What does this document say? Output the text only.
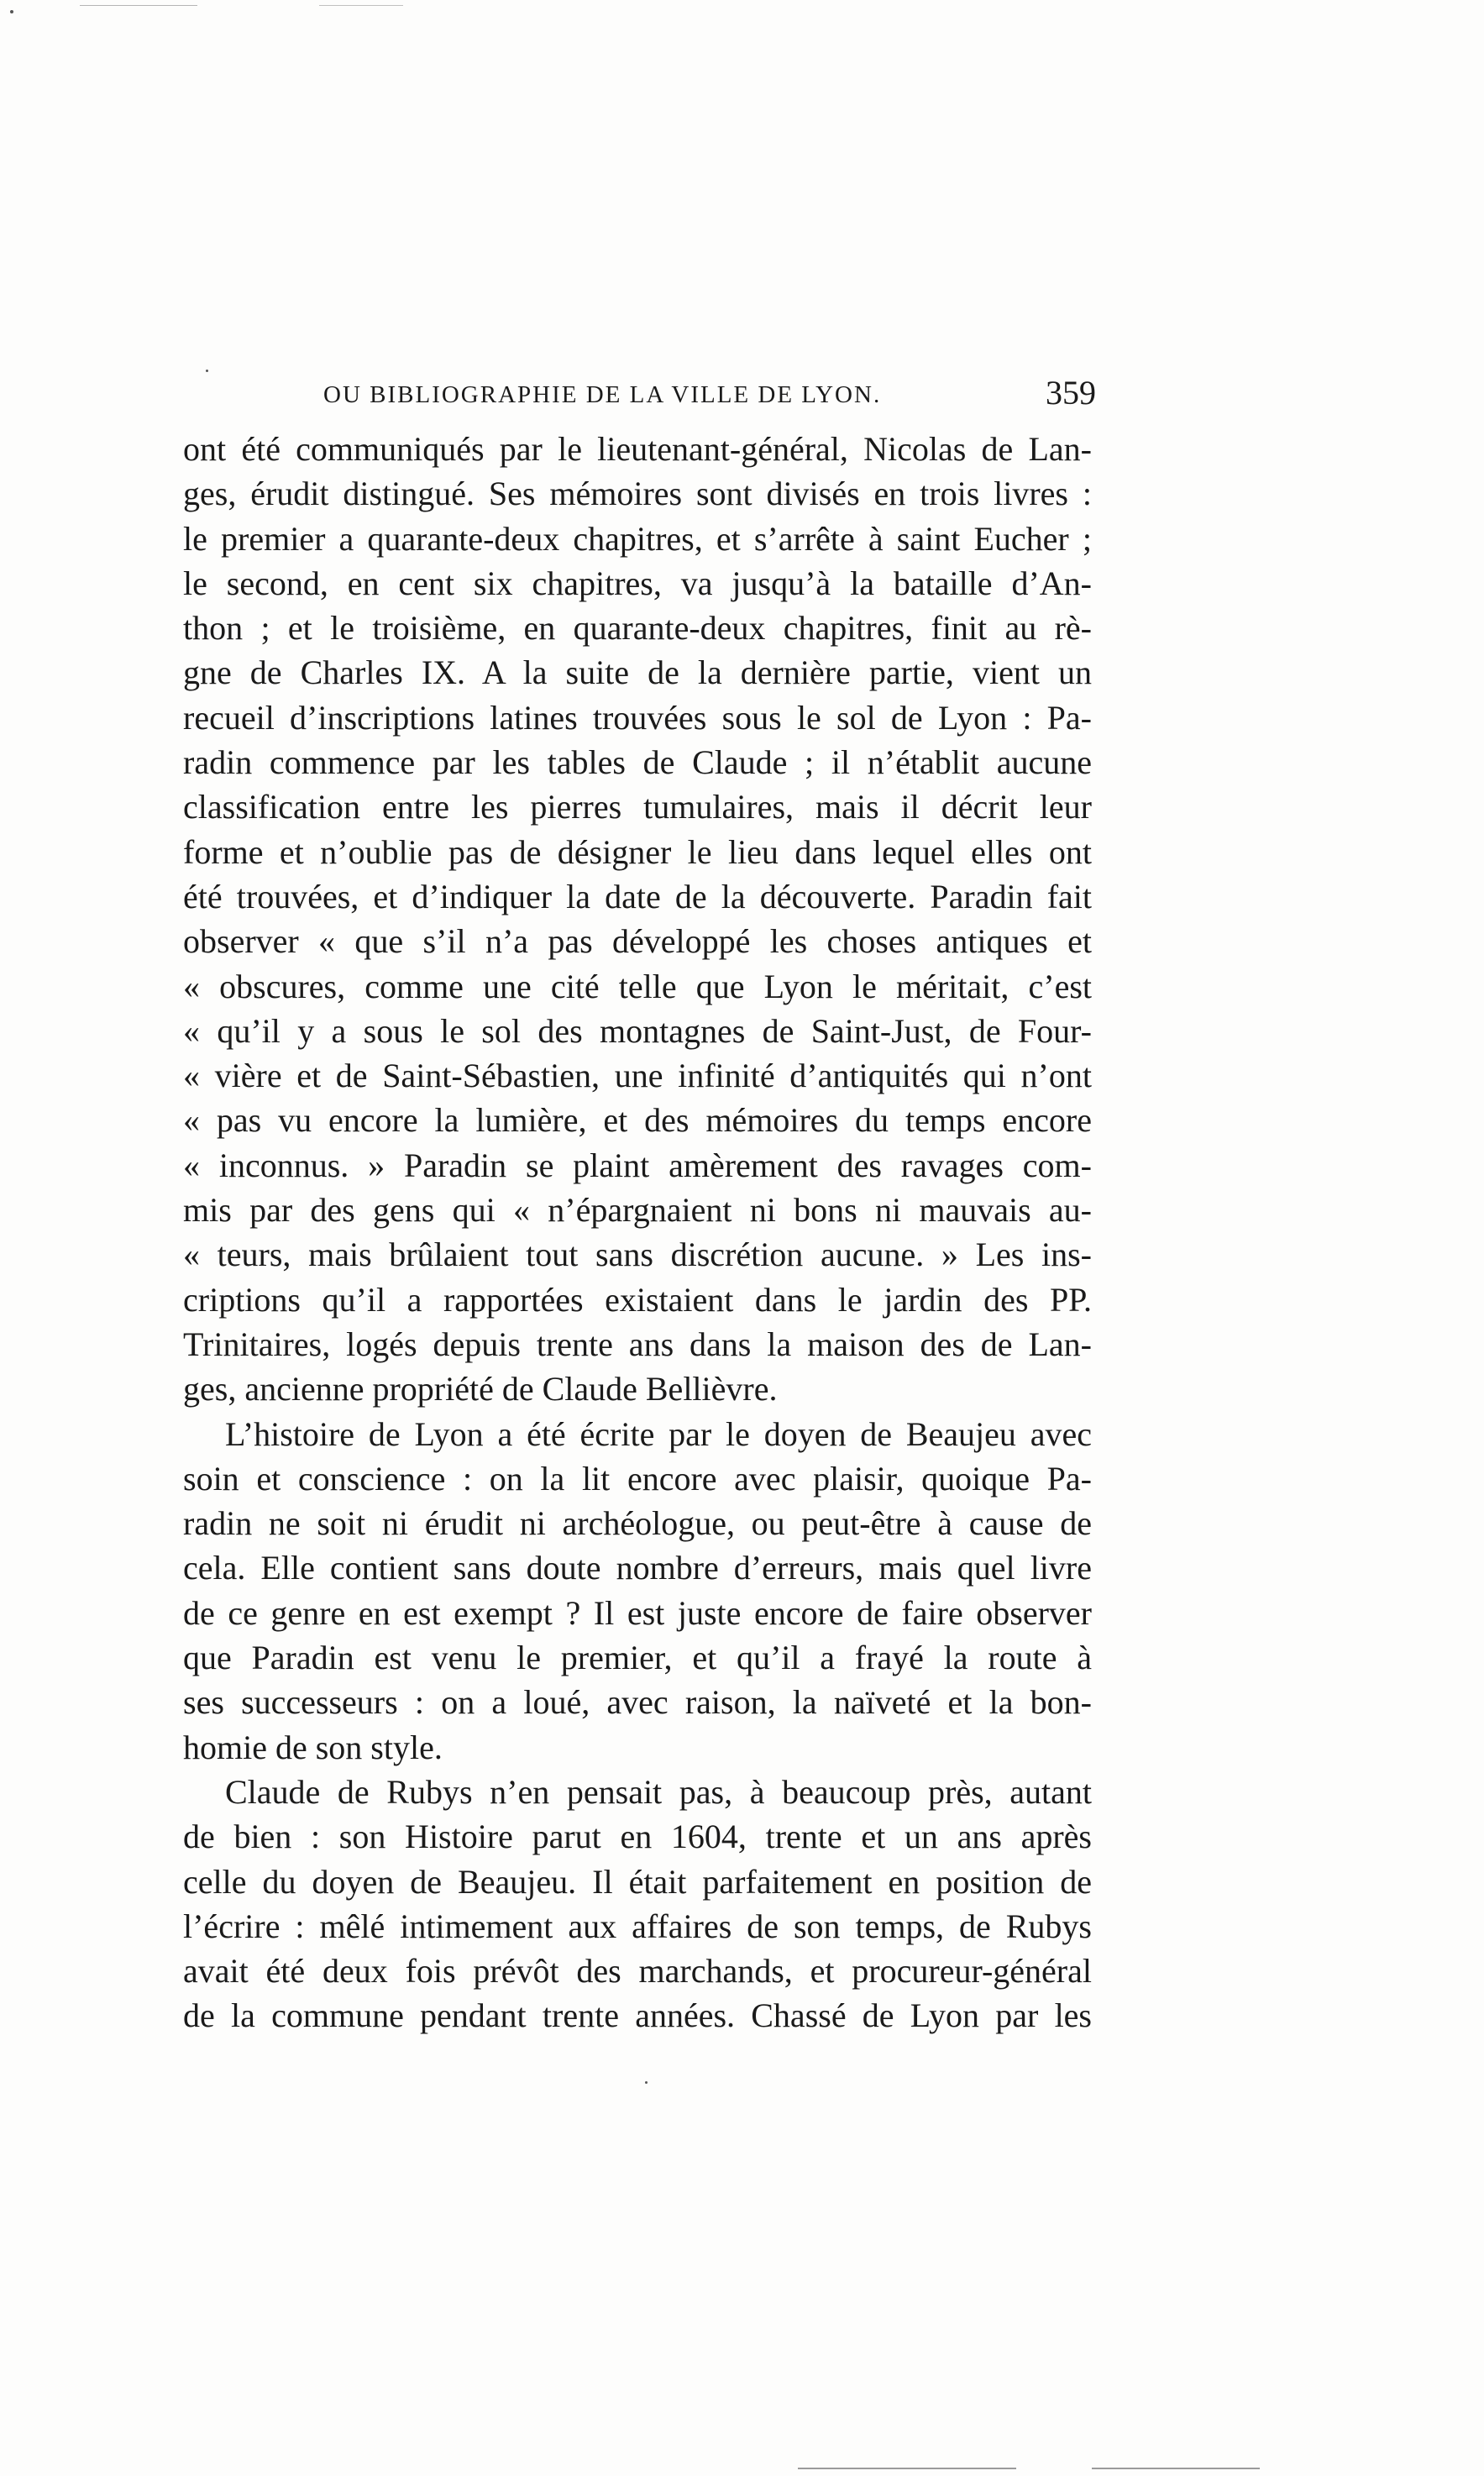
OU BIBLIOGRAPHIE DE LA VILLE DE LYON.	359
ont été communiqués par le lieutenant-général, Nicolas de Lan-
ges, érudit distingué. Ses mémoires sont divisés en trois livres :
le premier a quarante-deux chapitres, et s’arrête à saint Eucher ;
le second, en cent six chapitres, va jusqu’à la bataille d’An-
thon ; et le troisième, en quarante-deux chapitres, finit au rè-
gne de Charles IX. A la suite de la dernière partie, vient un
recueil d’inscriptions latines trouvées sous le sol de Lyon : Pa-
radin commence par les tables de Claude ; il n’établit aucune
classification entre les pierres tumulaires, mais il décrit leur
forme et n’oublie pas de désigner le lieu dans lequel elles ont
été trouvées, et d’indiquer la date de la découverte. Paradin fait
observer « que s’il n’a pas développé les choses antiques et
« obscures, comme une cité telle que Lyon le méritait, c’est
« qu’il y a sous le sol des montagnes de Saint-Just, de Four-
« vière et de Saint-Sébastien, une infinité d’antiquités qui n’ont
« pas vu encore la lumière, et des mémoires du temps encore
« inconnus. » Paradin se plaint amèrement des ravages com-
mis par des gens qui « n’épargnaient ni bons ni mauvais au-
« teurs, mais brûlaient tout sans discrétion aucune. » Les ins-
criptions qu’il a rapportées existaient dans le jardin des PP.
Trinitaires, logés depuis trente ans dans la maison des de Lan-
ges, ancienne propriété de Claude Bellièvre.
L’histoire de Lyon a été écrite par le doyen de Beaujeu avec
soin et conscience : on la lit encore avec plaisir, quoique Pa-
radin ne soit ni érudit ni archéologue, ou peut-être à cause de
cela. Elle contient sans doute nombre d’erreurs, mais quel livre
de ce genre en est exempt ? Il est juste encore de faire observer
que Paradin est venu le premier, et qu’il a frayé la route à
ses successeurs : on a loué, avec raison, la naïveté et la bon-
homie de son style.
Claude de Rubys n’en pensait pas, à beaucoup près, autant
de bien : son Histoire parut en 1604, trente et un ans après
celle du doyen de Beaujeu. Il était parfaitement en position de
l’écrire : mêlé intimement aux affaires de son temps, de Rubys
avait été deux fois prévôt des marchands, et procureur-général
de la commune pendant trente années. Chassé de Lyon par les
